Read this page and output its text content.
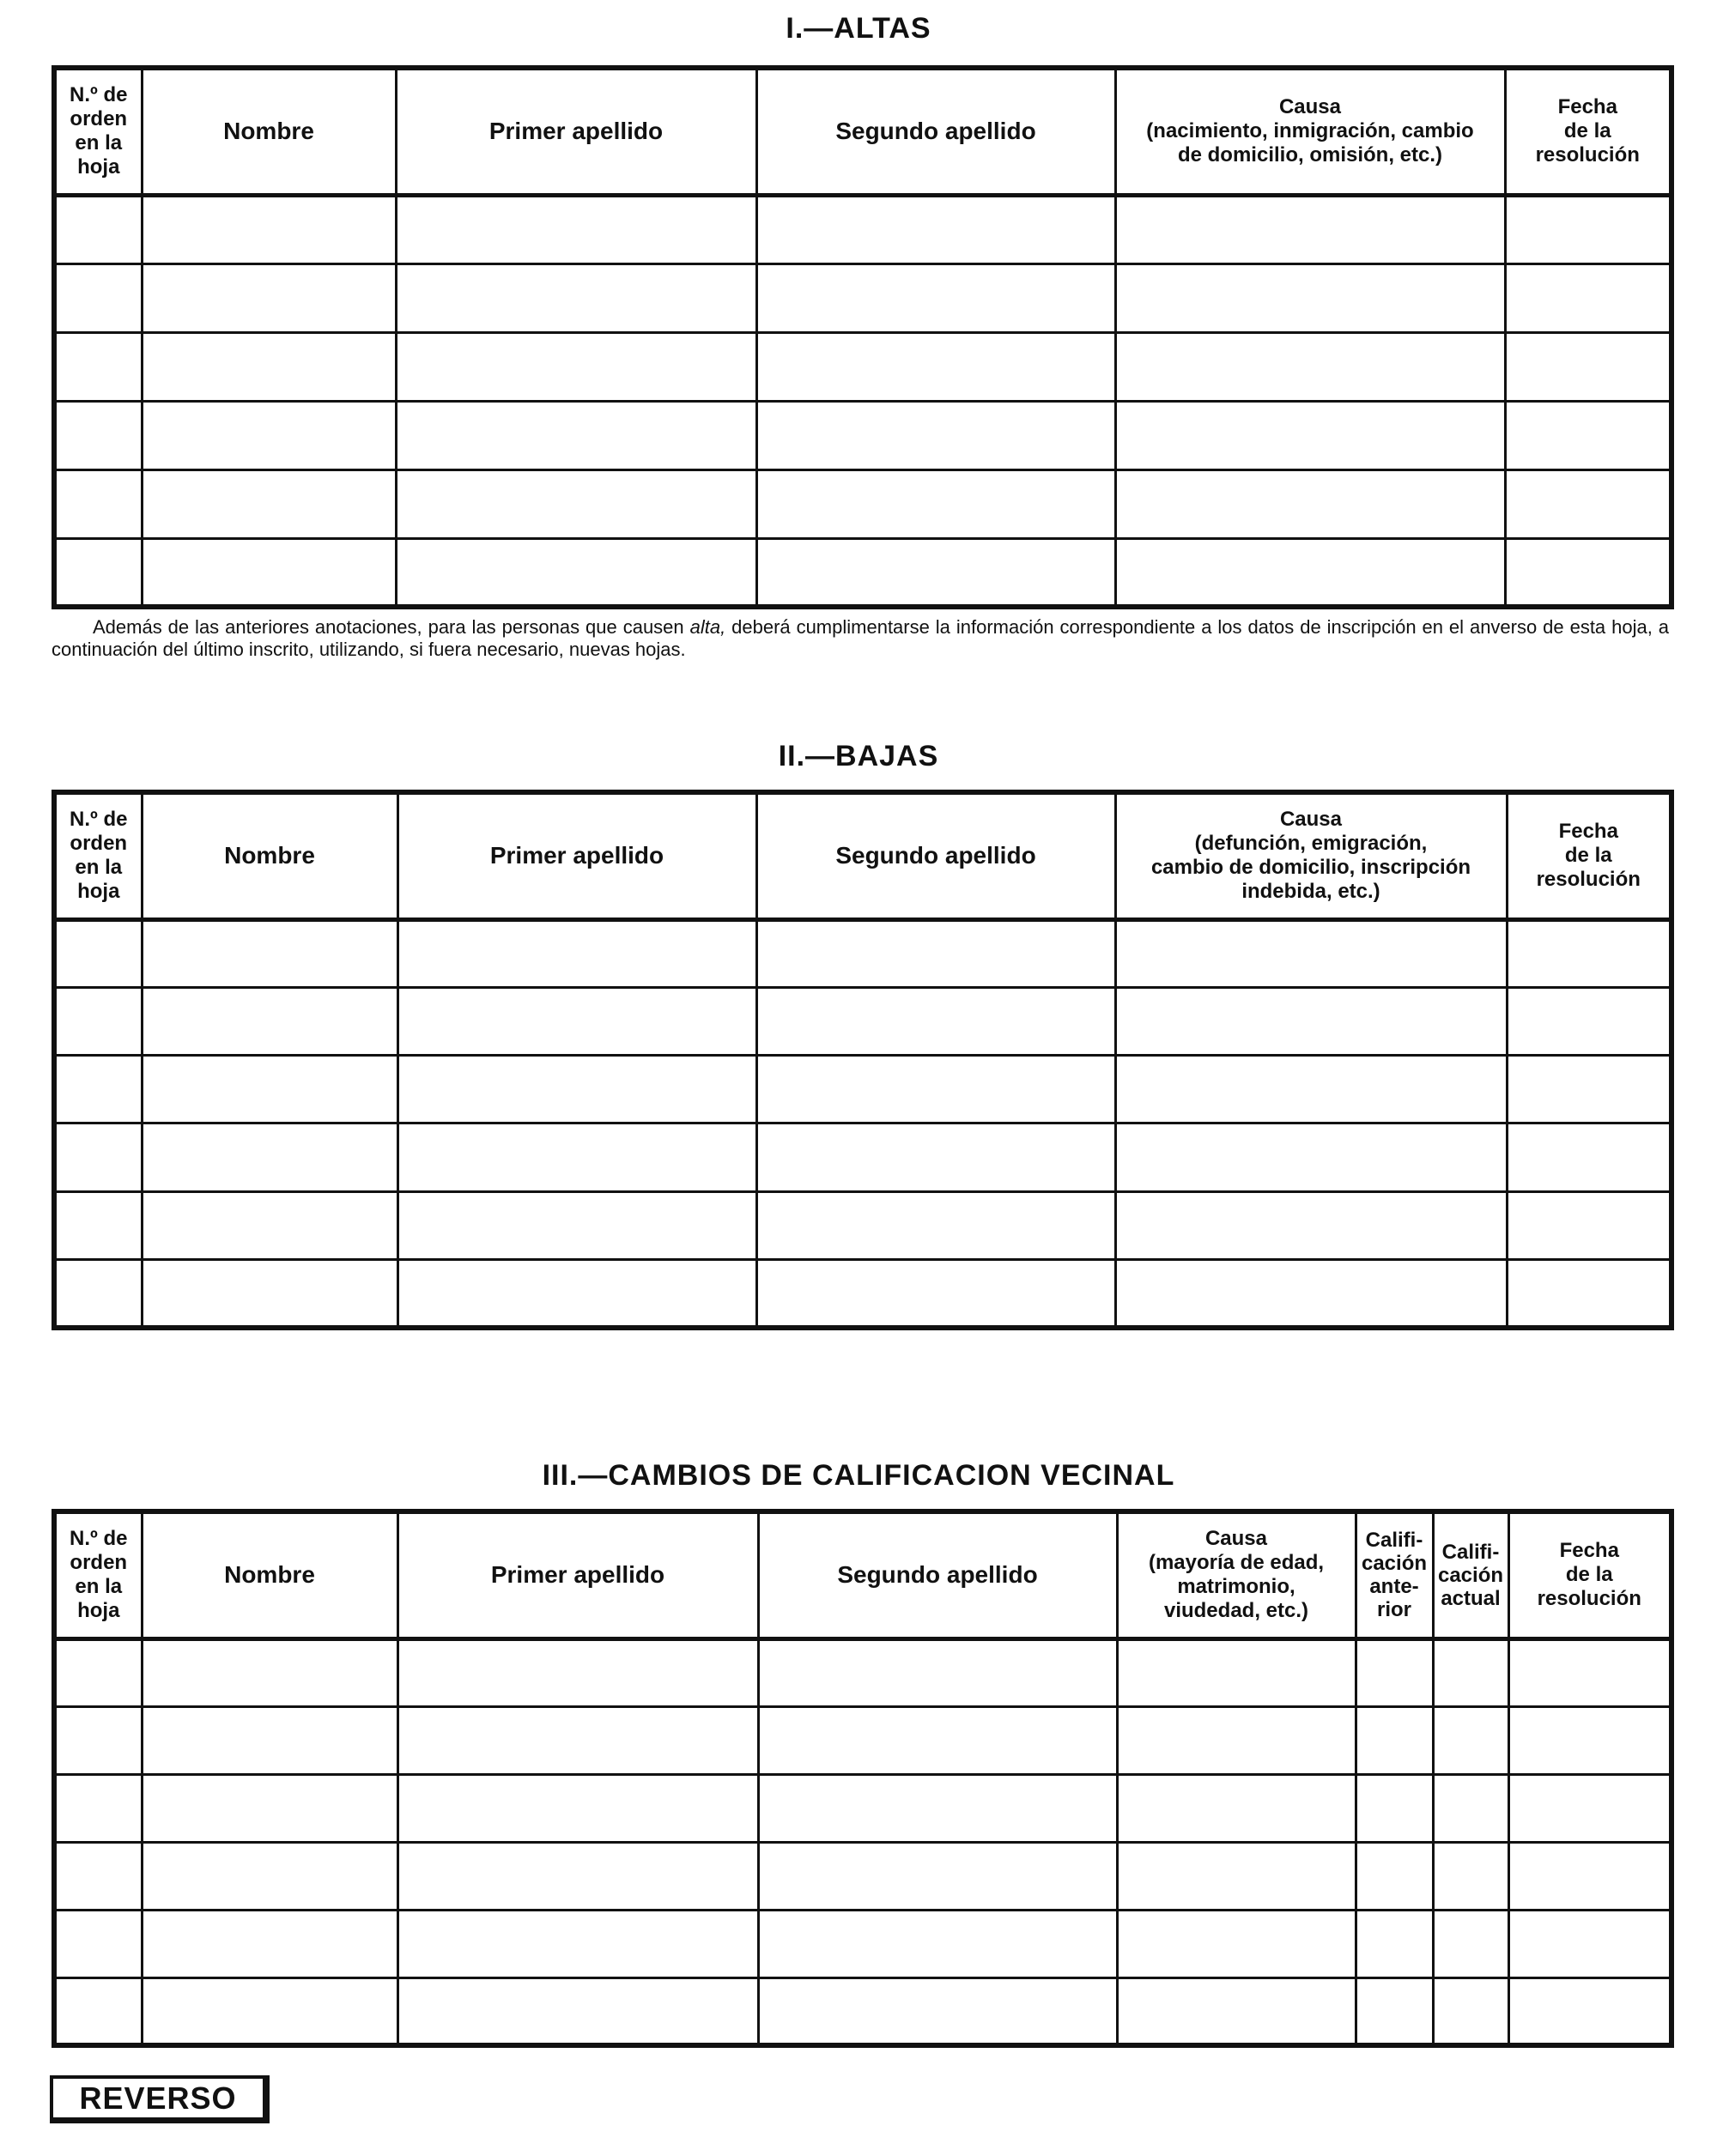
I.—ALTAS
N.º de
orden
en la
hoja	Nombre	Primer apellido	Segundo apellido	Causa
(nacimiento, inmigración, cambio
de domicilio, omisión, etc.)	Fecha
de la
resolución

Además de las anteriores anotaciones, para las personas que causen alta, deberá cumplimentarse la información correspondiente a los datos de inscripción en el anverso de esta hoja, a continuación del último inscrito, utilizando, si fuera necesario, nuevas hojas.
II.—BAJAS
N.º de
orden
en la
hoja	Nombre	Primer apellido	Segundo apellido	Causa
(defunción, emigración,
cambio de domicilio, inscripción
indebida, etc.)	Fecha
de la
resolución

III.—CAMBIOS DE CALIFICACION VECINAL
N.º de
orden
en la
hoja	Nombre	Primer apellido	Segundo apellido	Causa
(mayoría de edad,
matrimonio,
viudedad, etc.)	Califi-
cación
ante-
rior	Califi-
cación
actual	Fecha
de la
resolución

REVERSO
